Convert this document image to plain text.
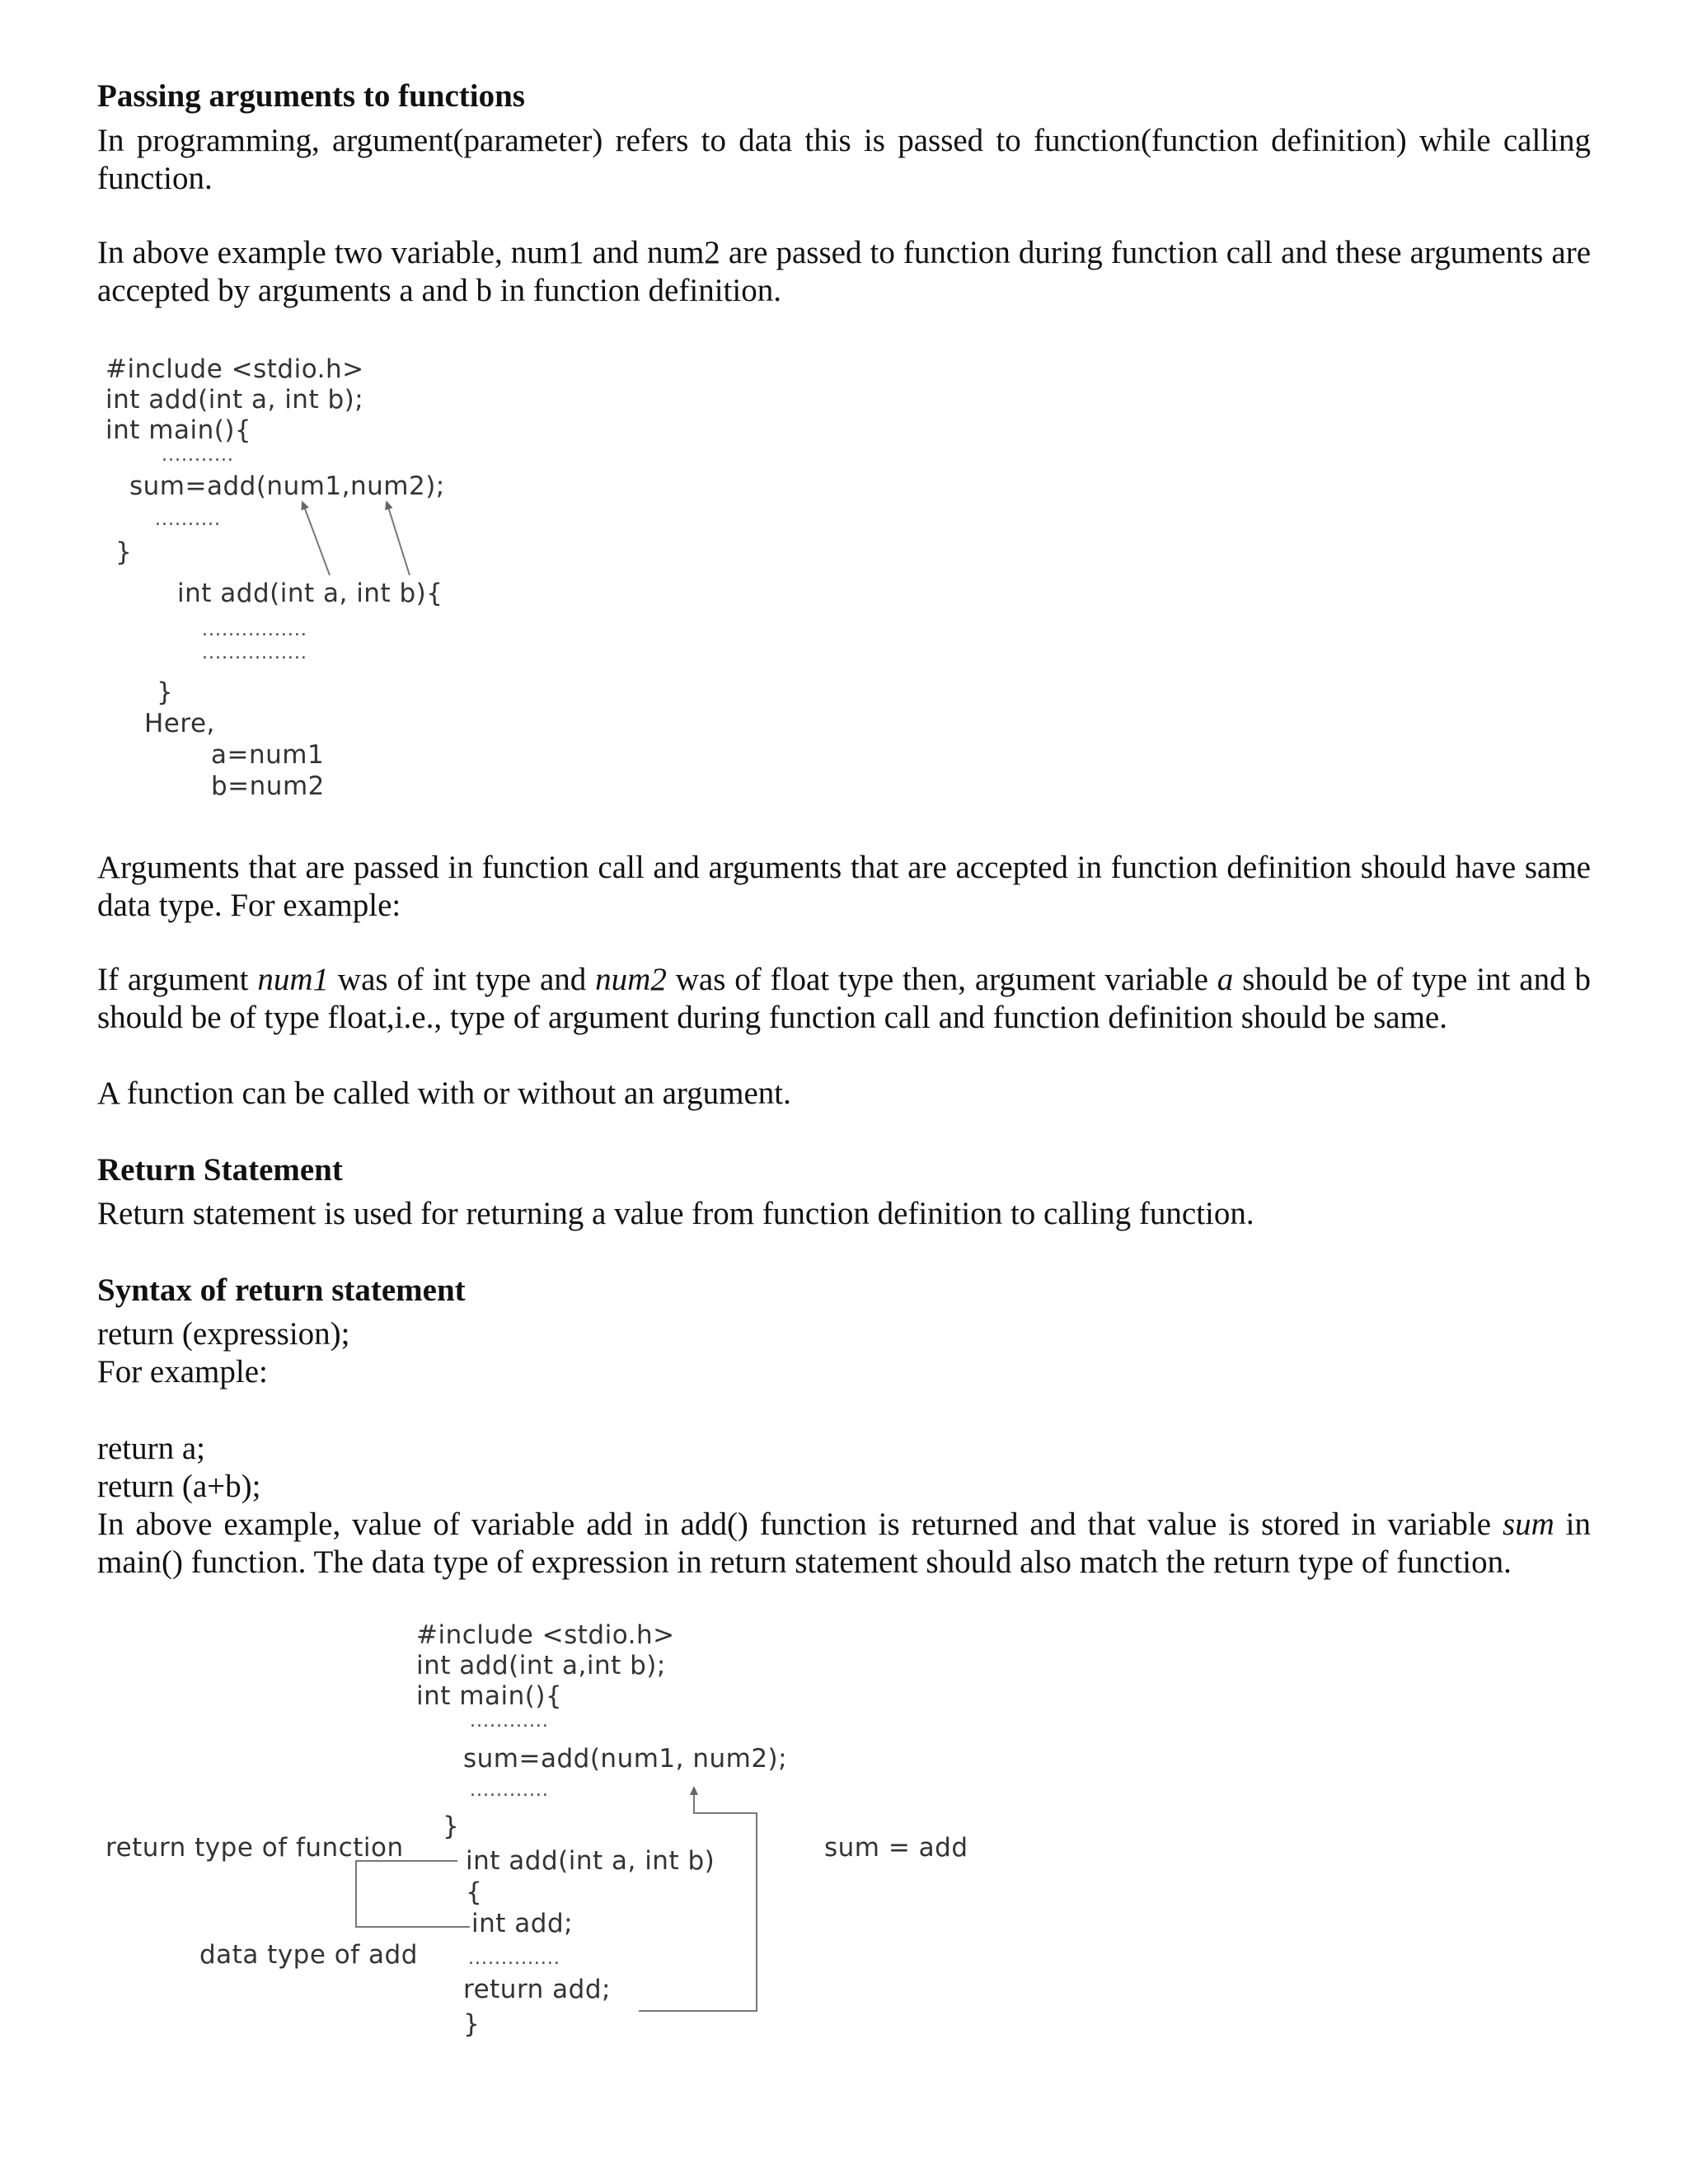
Passing arguments to functions
In programming, argument(parameter) refers to data this is passed to function(function definition) while calling function.
In above example two variable, num1 and num2 are passed to function during function call and these arguments are accepted by arguments a and b in function definition.
#include <stdio.h>
int add(int a, int b);
int main(){
...........
sum=add(num1,num2);
..........
}
int add(int a, int b){
................
................
}
Here,
a=num1
b=num2
Arguments that are passed in function call and arguments that are accepted in function definition should have same data type. For example:
If argument num1 was of int type and num2 was of float type then, argument variable a should be of type int and b should be of type float,i.e., type of argument during function call and function definition should be same.
A function can be called with or without an argument.
Return Statement
Return statement is used for returning a value from function definition to calling function.
Syntax of return statement
return (expression);
For example:
return a;
return (a+b);
In above example, value of variable add in add() function is returned and that value is stored in variable sum in main() function. The data type of expression in return statement should also match the return type of function.
#include <stdio.h>
int add(int a,int b);
int main(){
............
sum=add(num1, num2);
............
}
int add(int a, int b)
{
int add;
..............
return add;
}
return type of function
data type of add
sum = add
